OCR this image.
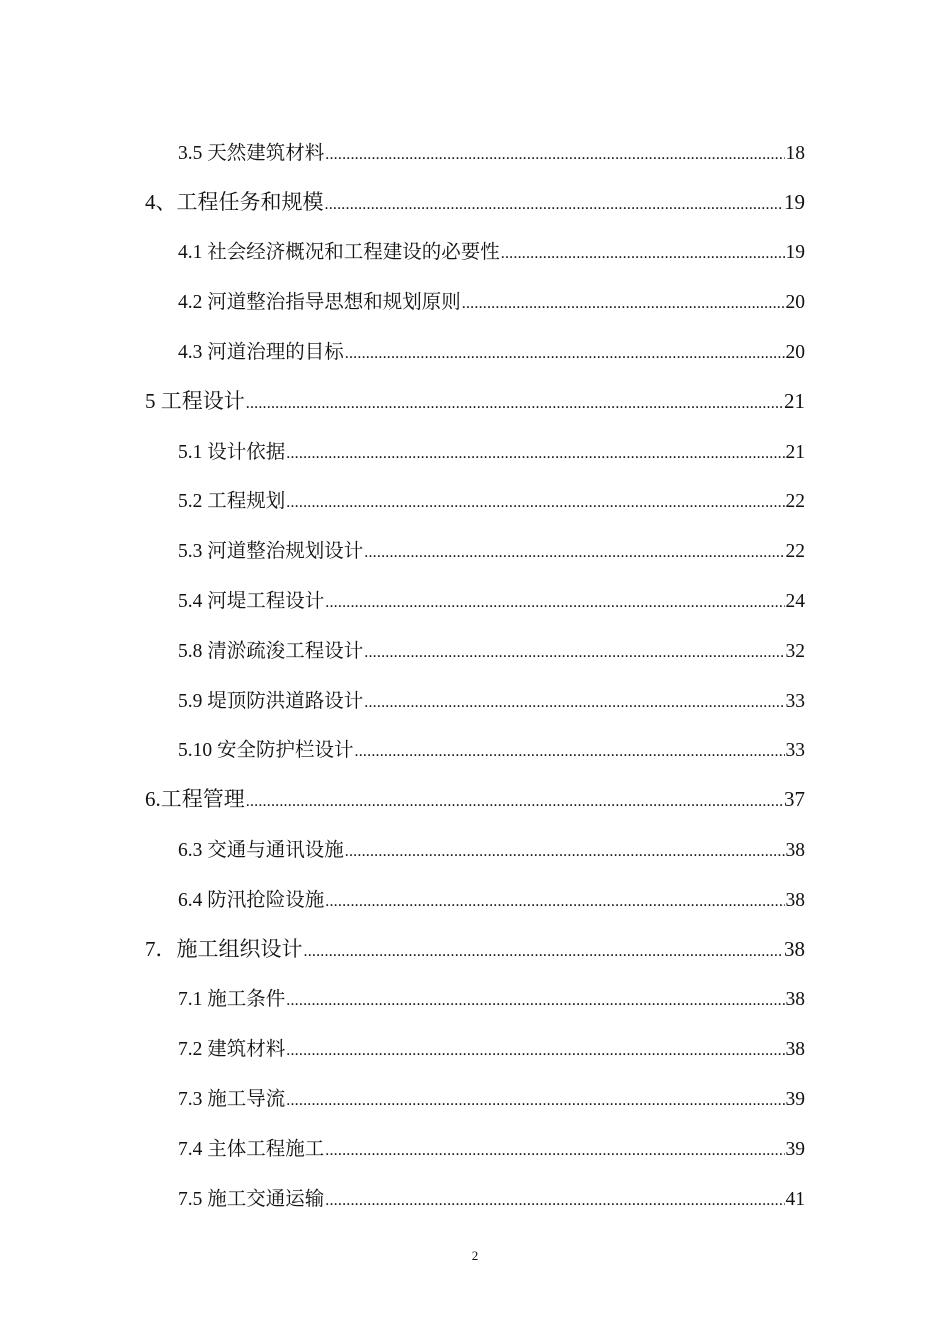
3.5 天然建筑材料 .....	18
4、工程任务和规模 .....	19
4.1 社会经济概况和工程建设的必要性 .....	19
4.2 河道整治指导思想和规划原则 .....	20
4.3 河道治理的目标 .....	20
5 工程设计 .....	21
5.1 设计依据 .....	21
5.2 工程规划 .....	22
5.3 河道整治规划设计 .....	22
5.4 河堤工程设计 .....	24
5.8 清淤疏浚工程设计 .....	32
5.9 堤顶防洪道路设计 .....	33
5.10 安全防护栏设计 .....	33
6.工程管理 .....	37
6.3 交通与通讯设施 .....	38
6.4 防汛抢险设施 .....	38
7．施工组织设计 .....	38
7.1 施工条件 .....	38
7.2 建筑材料 .....	38
7.3 施工导流 .....	39
7.4 主体工程施工 .....	39
7.5 施工交通运输 .....	41
2
